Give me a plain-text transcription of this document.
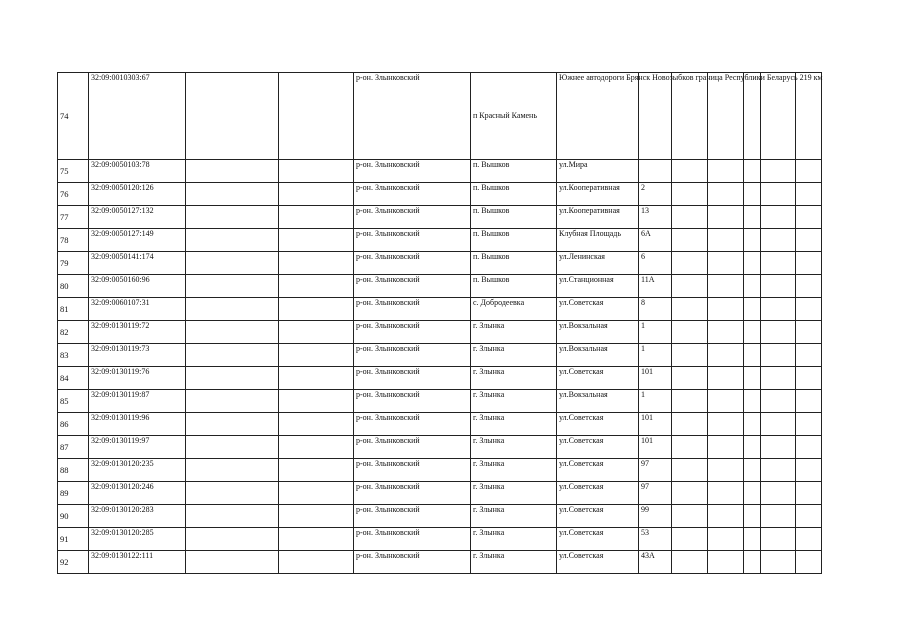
74	32:09:0010303:67			р-он. Злынковский	п Красный Камень	Южнее автодороги Брянск Новозыбков граница Республики Беларусь 219 км						
75	32:09:0050103:78			р-он. Злынковский	п. Вышков	ул.Мира						
76	32:09:0050120:126			р-он. Злынковский	п. Вышков	ул.Кооперативная	2					
77	32:09:0050127:132			р-он. Злынковский	п. Вышков	ул.Кооперативная	13					
78	32:09:0050127:149			р-он. Злынковский	п. Вышков	Клубная Площадь	6А					
79	32:09:0050141:174			р-он. Злынковский	п. Вышков	ул.Ленинская	6					
80	32:09:0050160:96			р-он. Злынковский	п. Вышков	ул.Станционная	11А					
81	32:09:0060107:31			р-он. Злынковский	с. Добродеевка	ул.Советская	8					
82	32:09:0130119:72			р-он. Злынковский	г. Злынка	ул.Вокзальная	1					
83	32:09:0130119:73			р-он. Злынковский	г. Злынка	ул.Вокзальная	1					
84	32:09:0130119:76			р-он. Злынковский	г. Злынка	ул.Советская	101					
85	32:09:0130119:87			р-он. Злынковский	г. Злынка	ул.Вокзальная	1					
86	32:09:0130119:96			р-он. Злынковский	г. Злынка	ул.Советская	101					
87	32:09:0130119:97			р-он. Злынковский	г. Злынка	ул.Советская	101					
88	32:09:0130120:235			р-он. Злынковский	г. Злынка	ул.Советская	97					
89	32:09:0130120:246			р-он. Злынковский	г. Злынка	ул.Советская	97					
90	32:09:0130120:283			р-он. Злынковский	г. Злынка	ул.Советская	99					
91	32:09:0130120:285			р-он. Злынковский	г. Злынка	ул.Советская	53					
92	32:09:0130122:111			р-он. Злынковский	г. Злынка	ул.Советская	43А					
